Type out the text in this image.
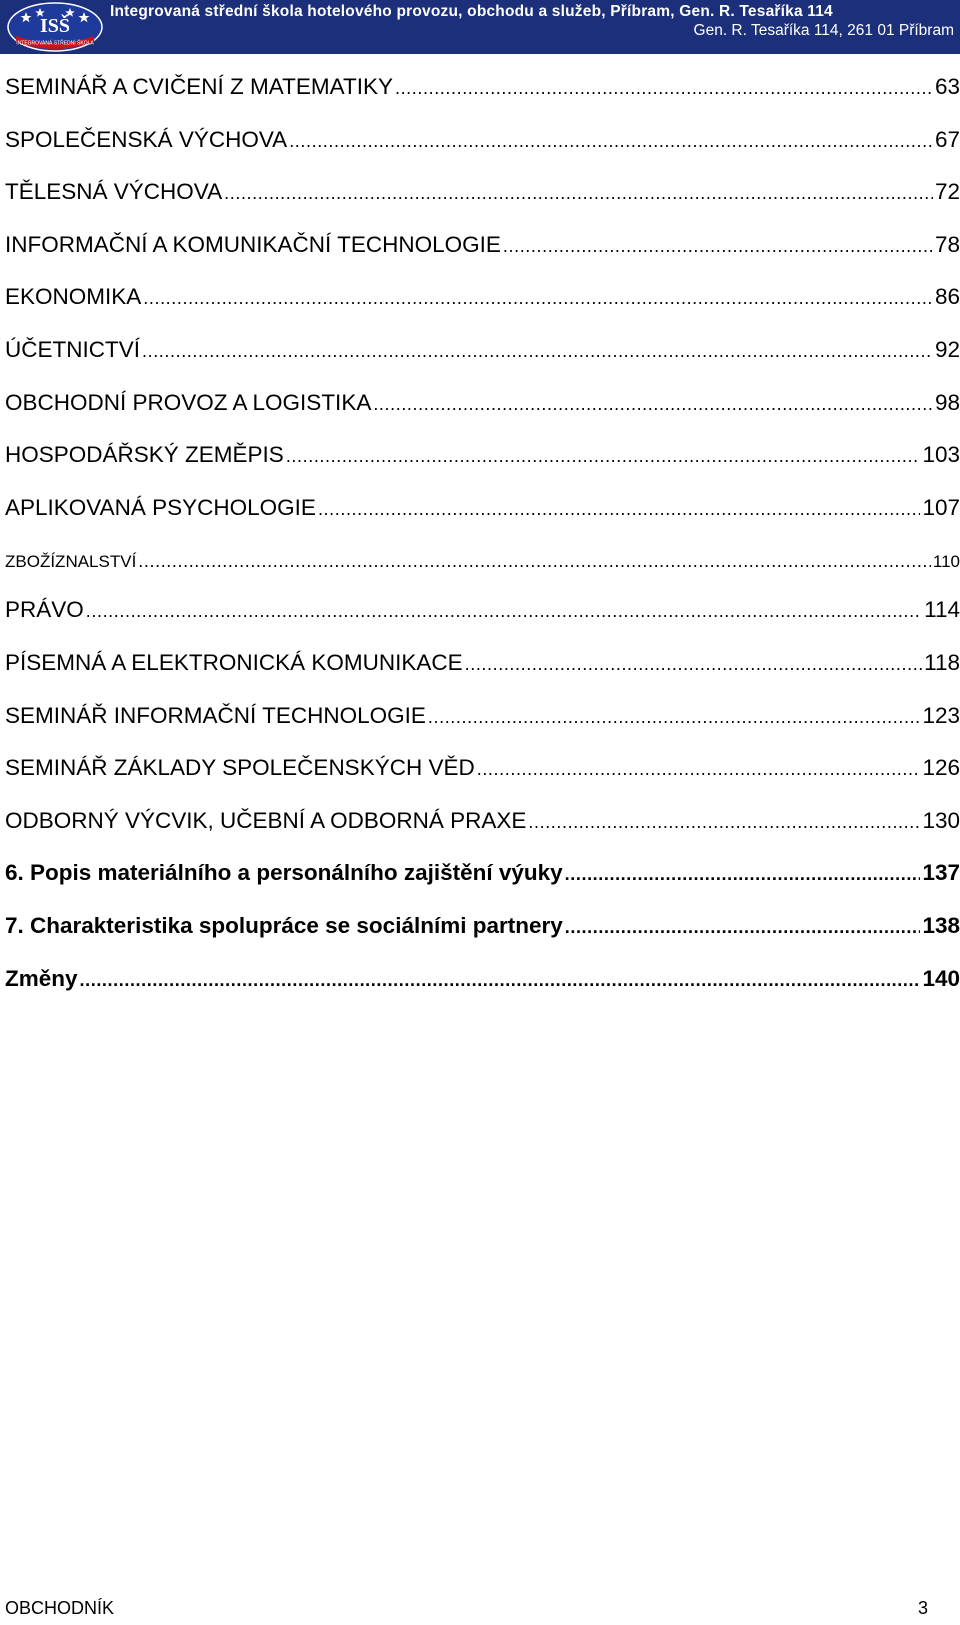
ISŠ
INTEGROVANÁ STŘEDNÍ ŠKOLA
Integrovaná střední škola hotelového provozu, obchodu a služeb, Příbram, Gen. R. Tesaříka 114
Gen. R. Tesaříka 114, 261 01 Příbram
SEMINÁŘ A CVIČENÍ Z MATEMATIKY	63
SPOLEČENSKÁ VÝCHOVA	67
TĚLESNÁ VÝCHOVA	72
INFORMAČNÍ A KOMUNIKAČNÍ TECHNOLOGIE	78
EKONOMIKA	86
ÚČETNICTVÍ	92
OBCHODNÍ PROVOZ A LOGISTIKA	98
HOSPODÁŘSKÝ ZEMĚPIS	103
APLIKOVANÁ PSYCHOLOGIE	107
ZBOŽÍZNALSTVÍ	110
PRÁVO	114
PÍSEMNÁ A ELEKTRONICKÁ KOMUNIKACE	118
SEMINÁŘ INFORMAČNÍ TECHNOLOGIE	123
SEMINÁŘ ZÁKLADY SPOLEČENSKÝCH VĚD	126
ODBORNÝ VÝCVIK, UČEBNÍ A ODBORNÁ PRAXE	130
6. Popis materiálního a personálního zajištění výuky	137
7. Charakteristika spolupráce se sociálními partnery	138
Změny	140
OBCHODNÍK	3
